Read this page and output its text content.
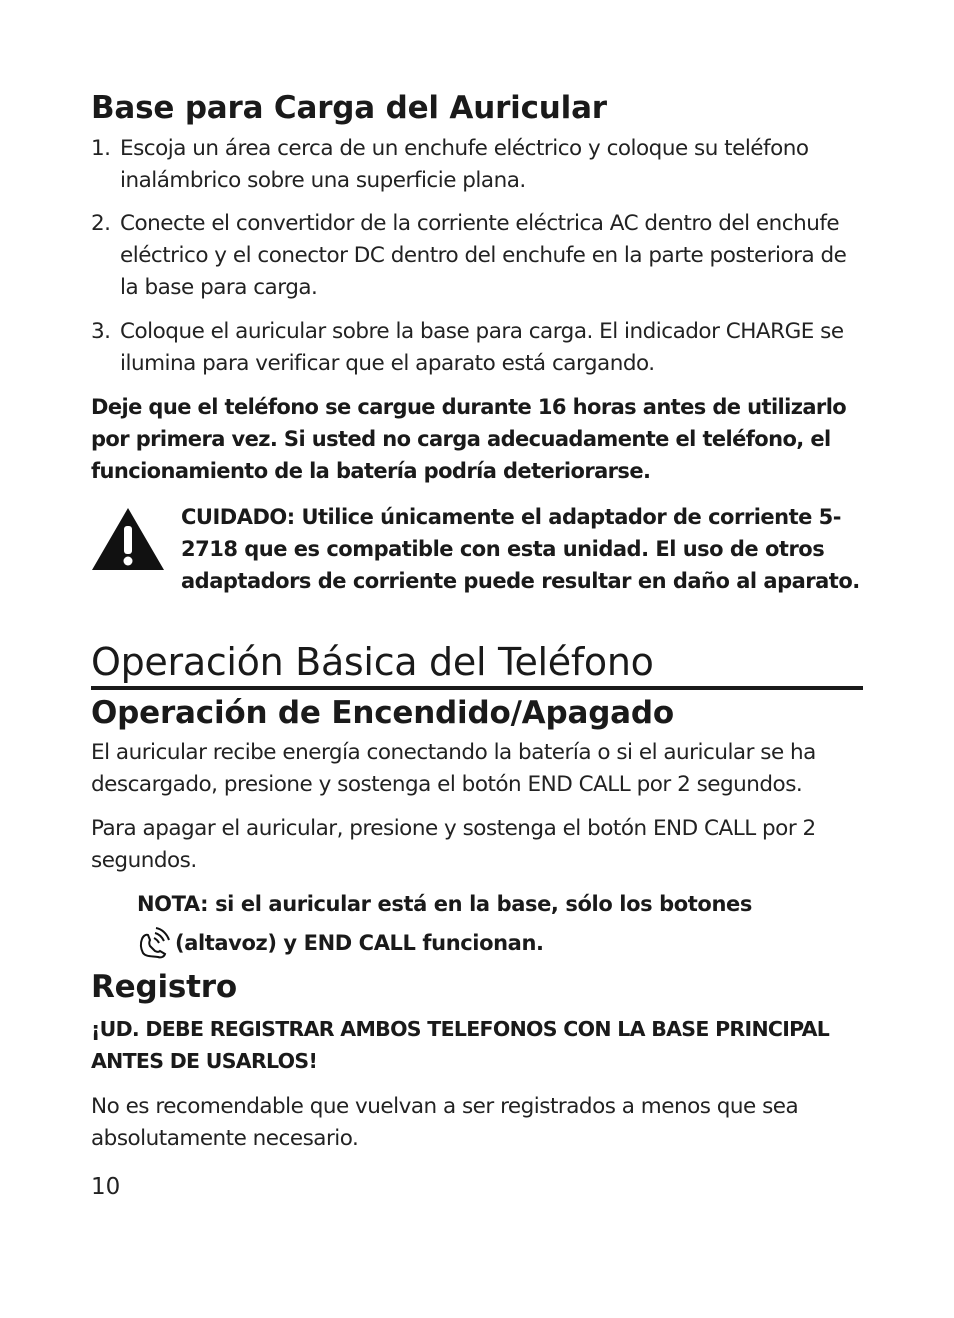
Base para Carga del Auricular
1. Escoja un área cerca de un enchufe eléctrico y coloque su teléfono inalámbrico sobre una superficie plana.
2. Conecte el convertidor de la corriente eléctrica AC dentro del enchufe eléctrico y el conector DC dentro del enchufe en la parte posteriora de la base para carga.
3. Coloque el auricular sobre la base para carga. El indicador CHARGE se ilumina para verificar que el aparato está cargando.
Deje que el teléfono se cargue durante 16 horas antes de utilizarlo por primera vez. Si usted no carga adecuadamente el teléfono, el funcionamiento de la batería podría deteriorarse.
CUIDADO: Utilice únicamente el adaptador de corriente 5-2718 que es compatible con esta unidad. El uso de otros adaptadors de corriente puede resultar en daño al aparato.
Operación Básica del Teléfono
Operación de Encendido/Apagado
El auricular recibe energía conectando la batería o si el auricular se ha descargado, presione y sostenga el botón END CALL por 2 segundos.
Para apagar el auricular, presione y sostenga el botón END CALL por 2 segundos.
NOTA: si el auricular está en la base, sólo los botones
(altavoz) y END CALL funcionan.
Registro
¡UD. DEBE REGISTRAR AMBOS TELEFONOS CON LA BASE PRINCIPAL ANTES DE USARLOS!
No es recomendable que vuelvan a ser registrados a menos que sea absolutamente necesario.
10
